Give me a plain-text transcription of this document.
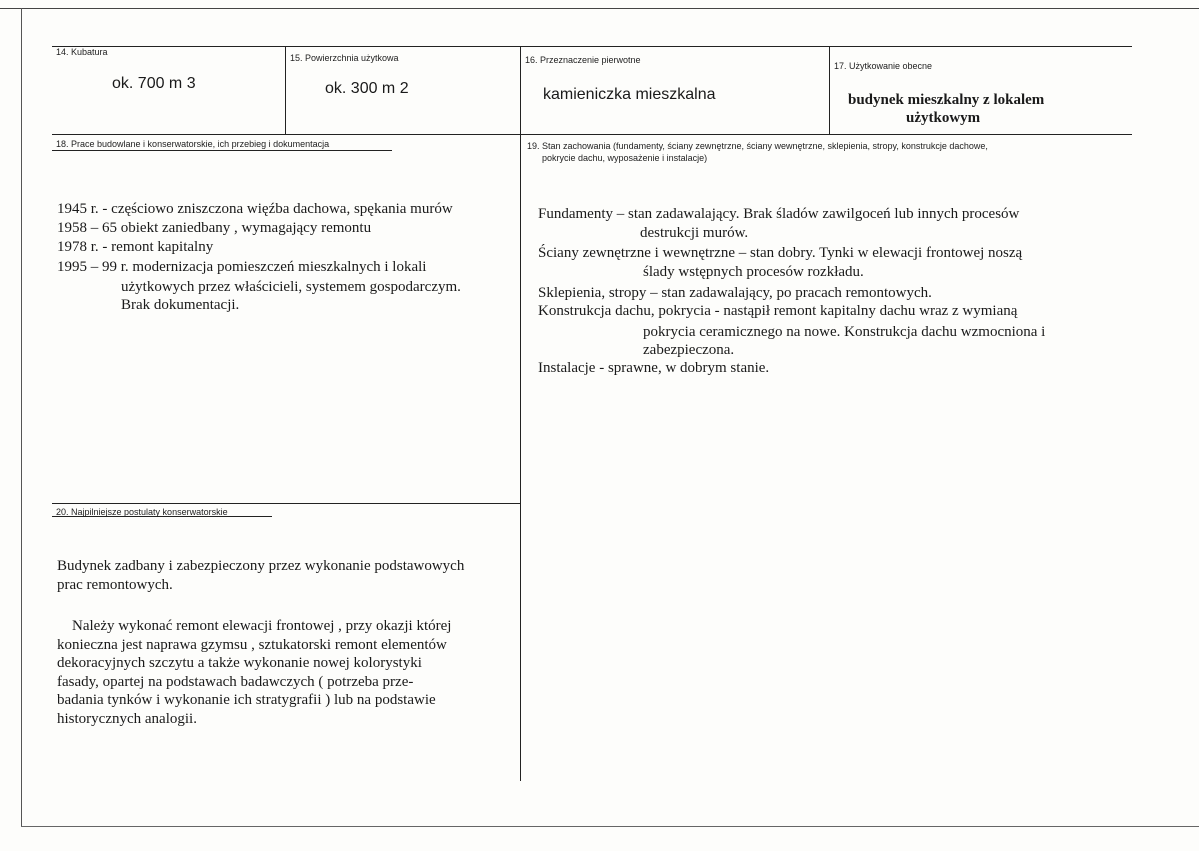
14. Kubatura
ok. 700 m 3
15. Powierzchnia użytkowa
ok. 300 m 2
16. Przeznaczenie pierwotne
kamieniczka mieszkalna
17. Użytkowanie obecne
budynek mieszkalny z lokalem
użytkowym
18. Prace budowlane i konserwatorskie, ich przebieg i dokumentacja
1945 r. - częściowo zniszczona więźba dachowa, spękania murów
1958 – 65 obiekt zaniedbany , wymagający remontu
1978 r. - remont kapitalny
1995 – 99 r. modernizacja pomieszczeń mieszkalnych i lokali
użytkowych przez właścicieli, systemem gospodarczym.
Brak dokumentacji.
19. Stan zachowania (fundamenty, ściany zewnętrzne, ściany wewnętrzne, sklepienia, stropy, konstrukcje dachowe,
pokrycie dachu, wyposażenie i instalacje)
Fundamenty – stan zadawalający. Brak śladów zawilgoceń lub innych procesów
destrukcji murów.
Ściany zewnętrzne i wewnętrzne – stan dobry. Tynki w elewacji frontowej noszą
ślady wstępnych procesów rozkładu.
Sklepienia, stropy – stan zadawalający, po pracach remontowych.
Konstrukcja dachu, pokrycia - nastąpił remont kapitalny dachu wraz z wymianą
pokrycia ceramicznego na nowe. Konstrukcja dachu wzmocniona i
zabezpieczona.
Instalacje - sprawne, w dobrym stanie.
20. Najpilniejsze postulaty konserwatorskie
Budynek zadbany i zabezpieczony przez wykonanie podstawowych
prac remontowych.
Należy wykonać remont elewacji frontowej , przy okazji której
konieczna jest naprawa gzymsu , sztukatorski remont elementów
dekoracyjnych szczytu a także wykonanie nowej kolorystyki
fasady, opartej na podstawach badawczych ( potrzeba prze-
badania tynków i wykonanie ich stratygrafii ) lub na podstawie
historycznych analogii.
